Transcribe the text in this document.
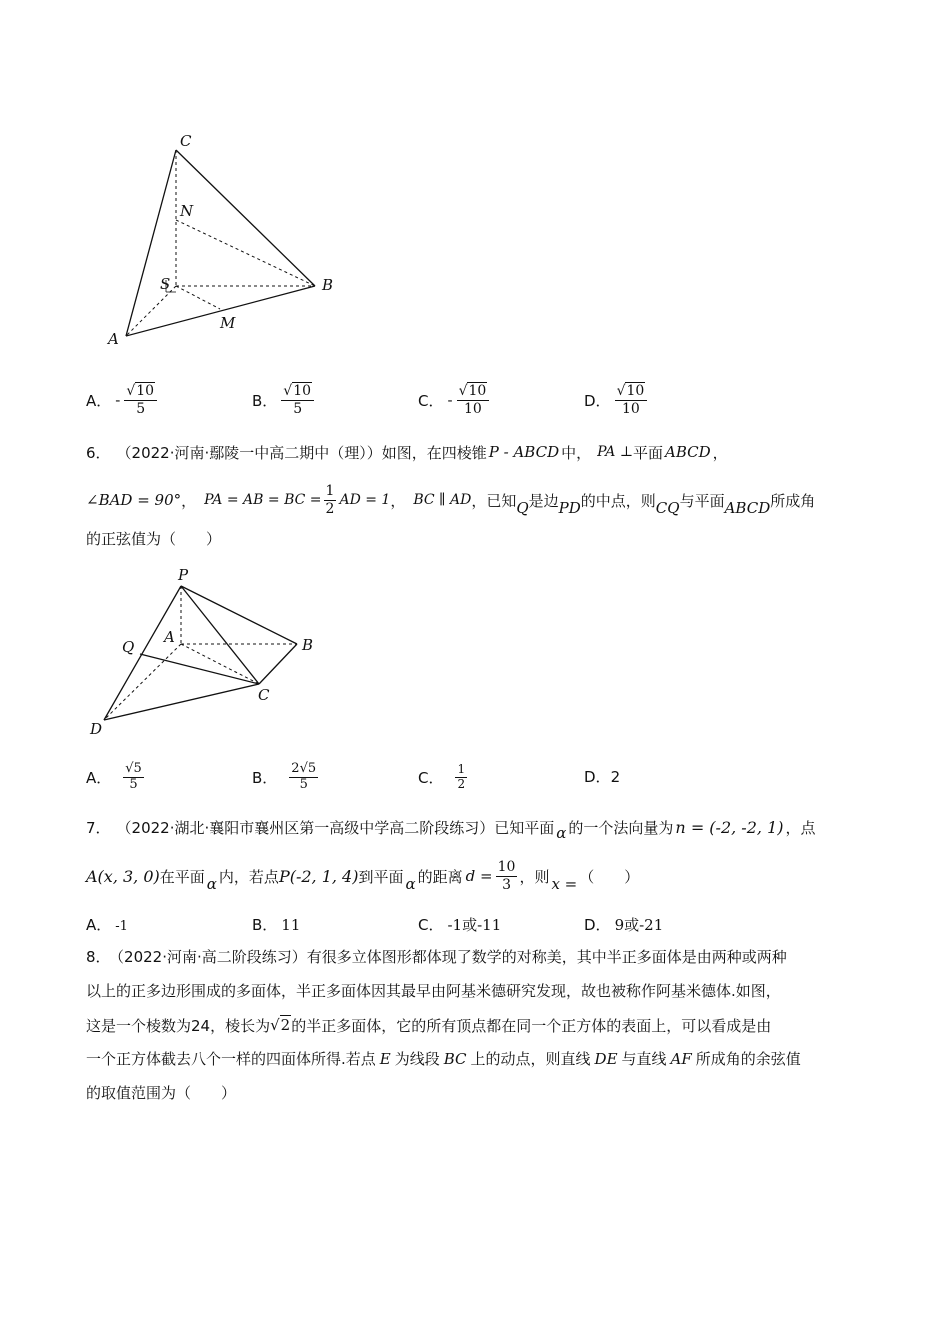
C
N
S	B
A
M
A． - $\frac{√10}{5}$	B． $\frac{√10}{5}$	C． - $\frac{√10}{10}$	D． $\frac{√10}{10}$
6． （2022·河南·鄢陵一中高二期中（理））如图，在四棱锥 P - ABCD 中， PA ⊥ 平面 ABCD ，
∠BAD = 90° ， PA = AB = BC = $\frac{1}{2}$ AD = 1 ， BC ∥ AD ，已知 Q 是边 PD 的中点，则 CQ 与平面 ABCD 所成角
的正弦值为（　　）
P
A
Q	B
C
D
A． $\frac{√5}{5}$	B． $\frac{2√5}{5}$	C． $\frac{1}{2}$	D．2
7． （2022·湖北·襄阳市襄州区第一高级中学高二阶段练习）已知平面 α 的一个法向量为 n = (-2, -2, 1) ，点
A(x, 3, 0) 在平面 α 内，若点 P(-2, 1, 4) 到平面 α 的距离 $d = \frac{10}{3}$ ，则 x = （　　）
A． -1	B． 11	C． -1或-11	D． 9或-21
8． （2022·河南·高二阶段练习）有很多立体图形都体现了数学的对称美，其中半正多面体是由两种或两种
以上的正多边形围成的多面体，半正多面体因其最早由阿基米德研究发现，故也被称作阿基米德体.如图，
这是一个棱数为24，棱长为 √2 的半正多面体，它的所有顶点都在同一个正方体的表面上，可以看成是由
一个正方体截去八个一样的四面体所得.若点 E 为线段 BC 上的动点，则直线 DE 与直线 AF 所成角的余弦值
的取值范围为（　　）
